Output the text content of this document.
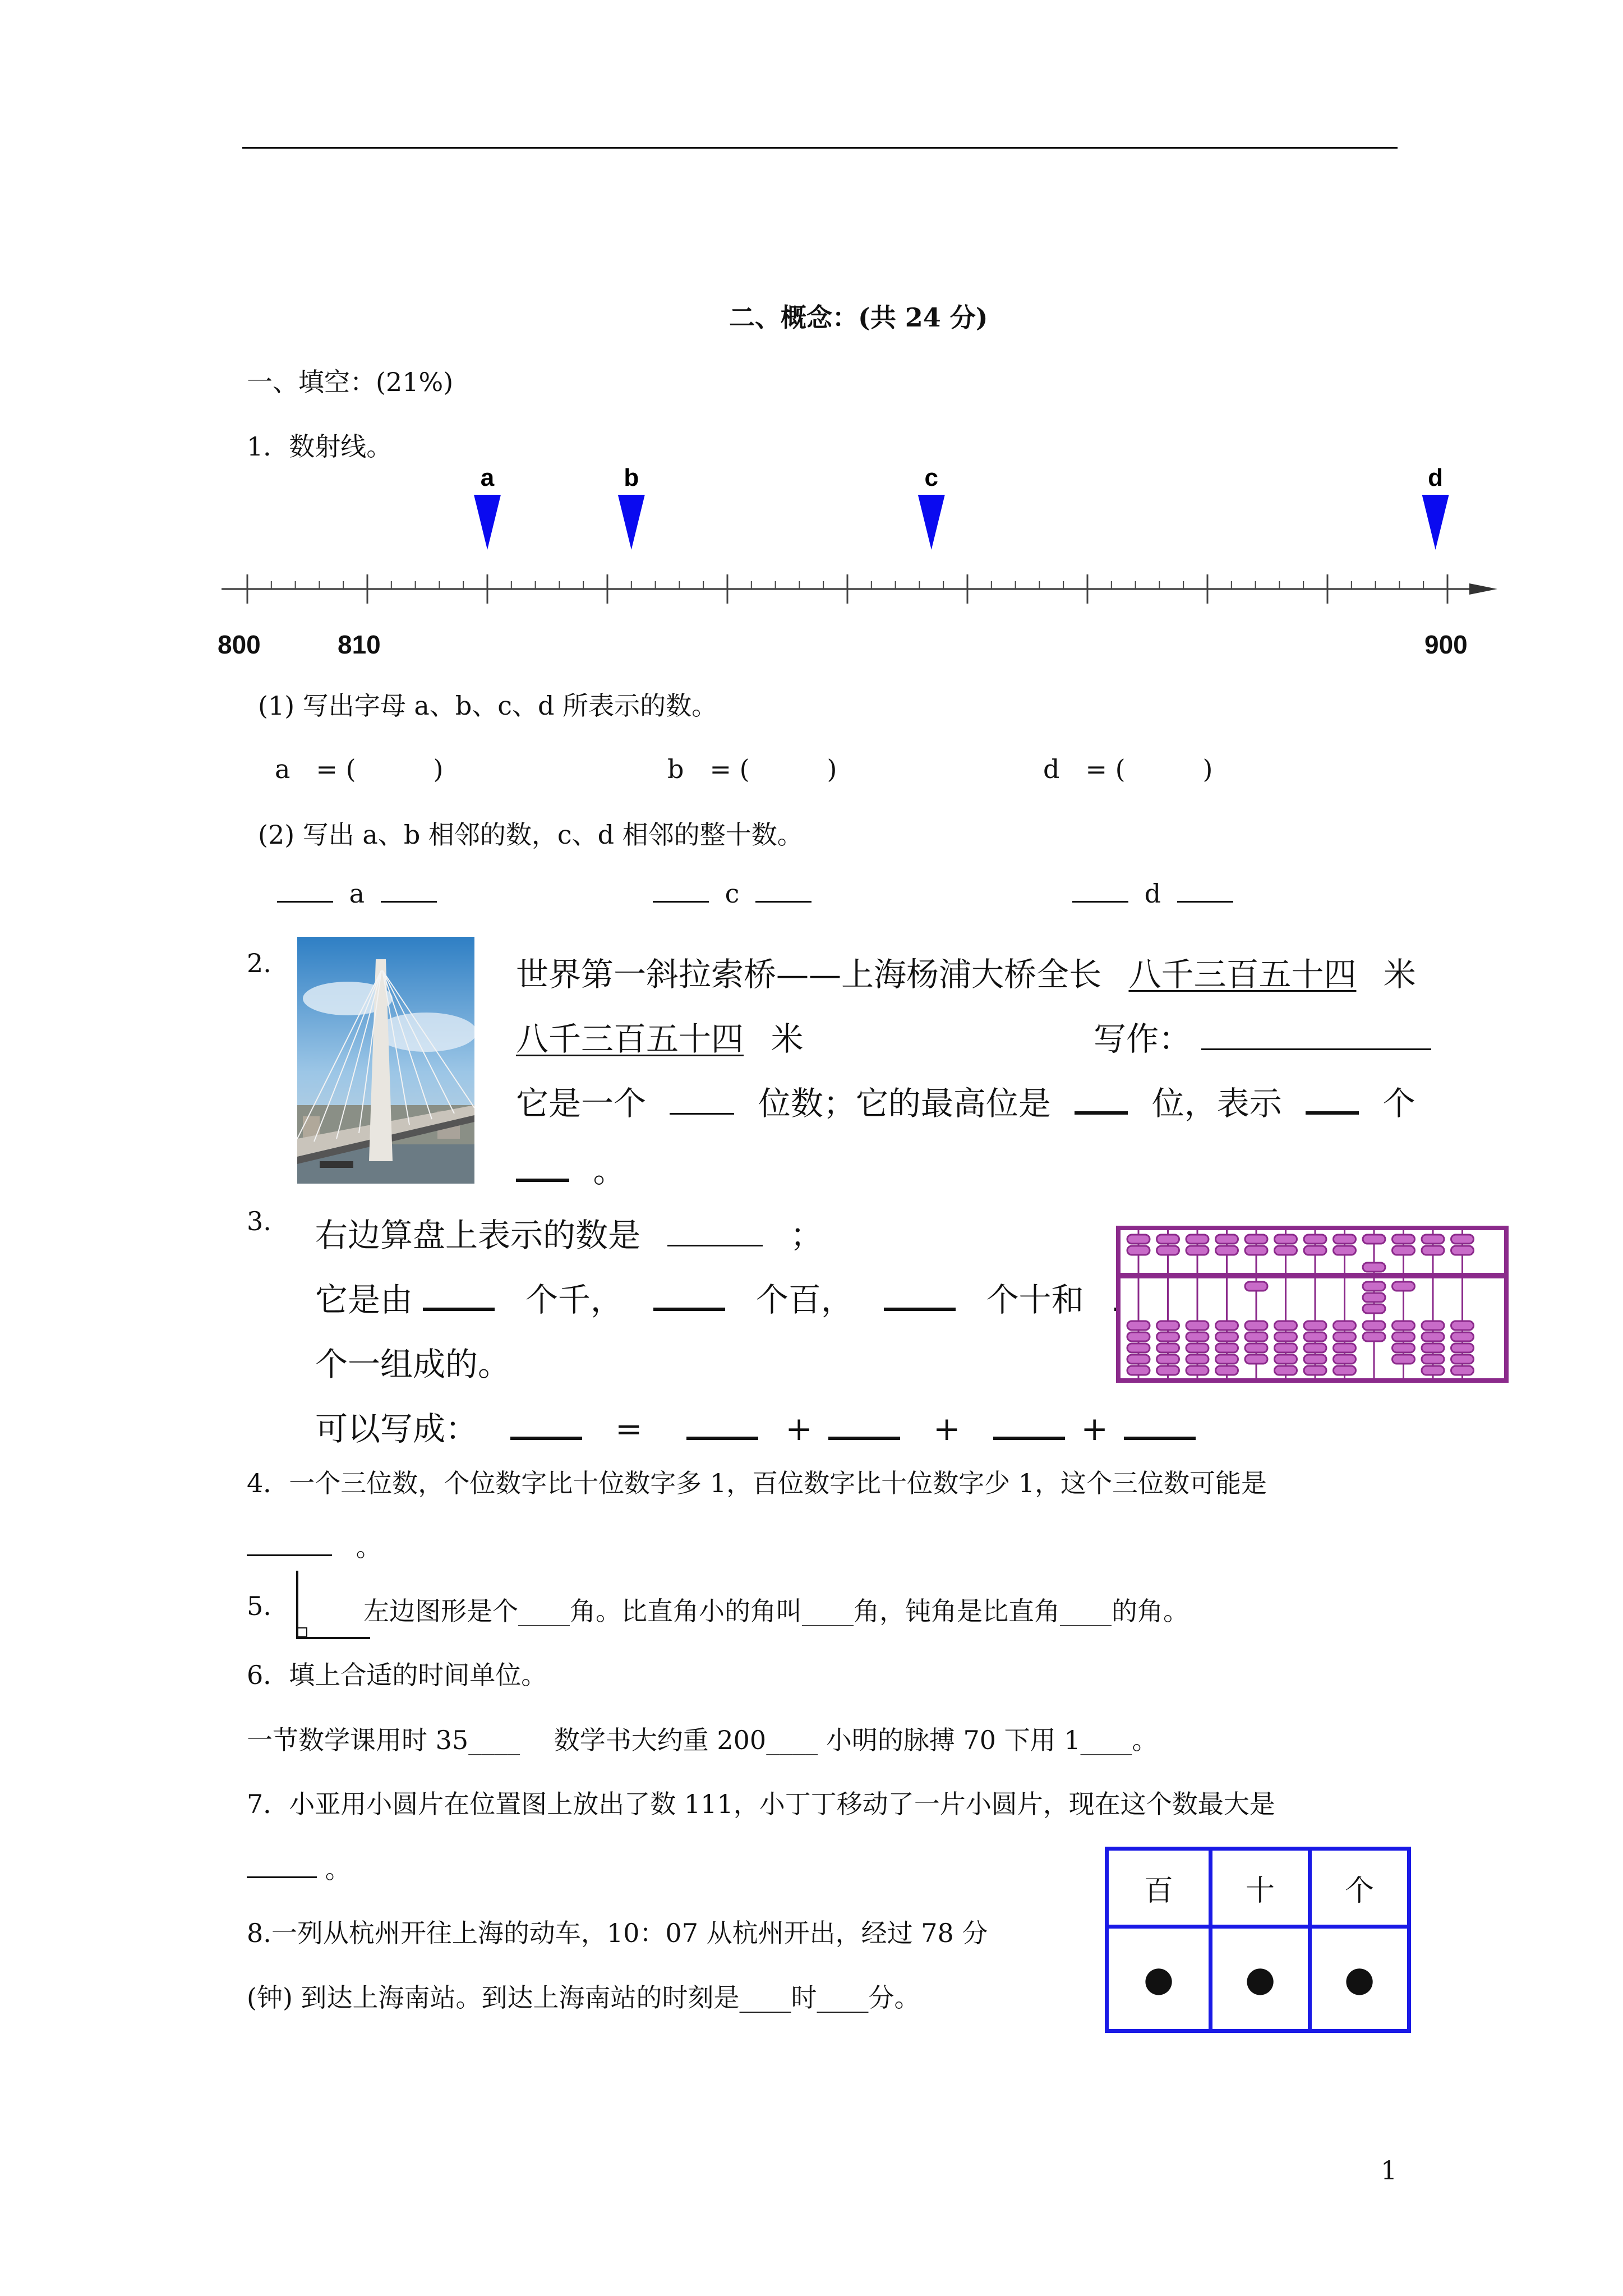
二、概念：(共 24 分)
一、填空：(21%)
1．数射线。
a	b	c	d
800	810	900
(1) 写出字母 a、b、c、d 所表示的数。
a　= (　　　)	b　= (　　　)	d　= (　　　)
(2) 写出 a、b 相邻的数，c、d 相邻的整十数。
a	c	d
2.	世界第一斜拉索桥——上海杨浦大桥全长 八千三百五十四 米
八千三百五十四 米	写作：
它是一个	位数；它的最高位是	位，表示	个
。
3. 右边算盘上表示的数是	；
它是由	个千，	个百，	个十和
个一组成的。
可以写成：	=	+	+	+
4．一个三位数，个位数字比十位数字多 1，百位数字比十位数字少 1，这个三位数可能是
。
5.	左边图形是个____角。比直角小的角叫____角，钝角是比直角____的角。
6．填上合适的时间单位。
一节数学课用时 35____　 数学书大约重 200____ 小明的脉搏 70 下用 1____。
7．小亚用小圆片在位置图上放出了数 111，小丁丁移动了一片小圆片，现在这个数最大是
。
8.一列从杭州开往上海的动车，10：07 从杭州开出，经过 78 分
(钟) 到达上海南站。到达上海南站的时刻是____时____分。
百	十	个
●	●	●
1
